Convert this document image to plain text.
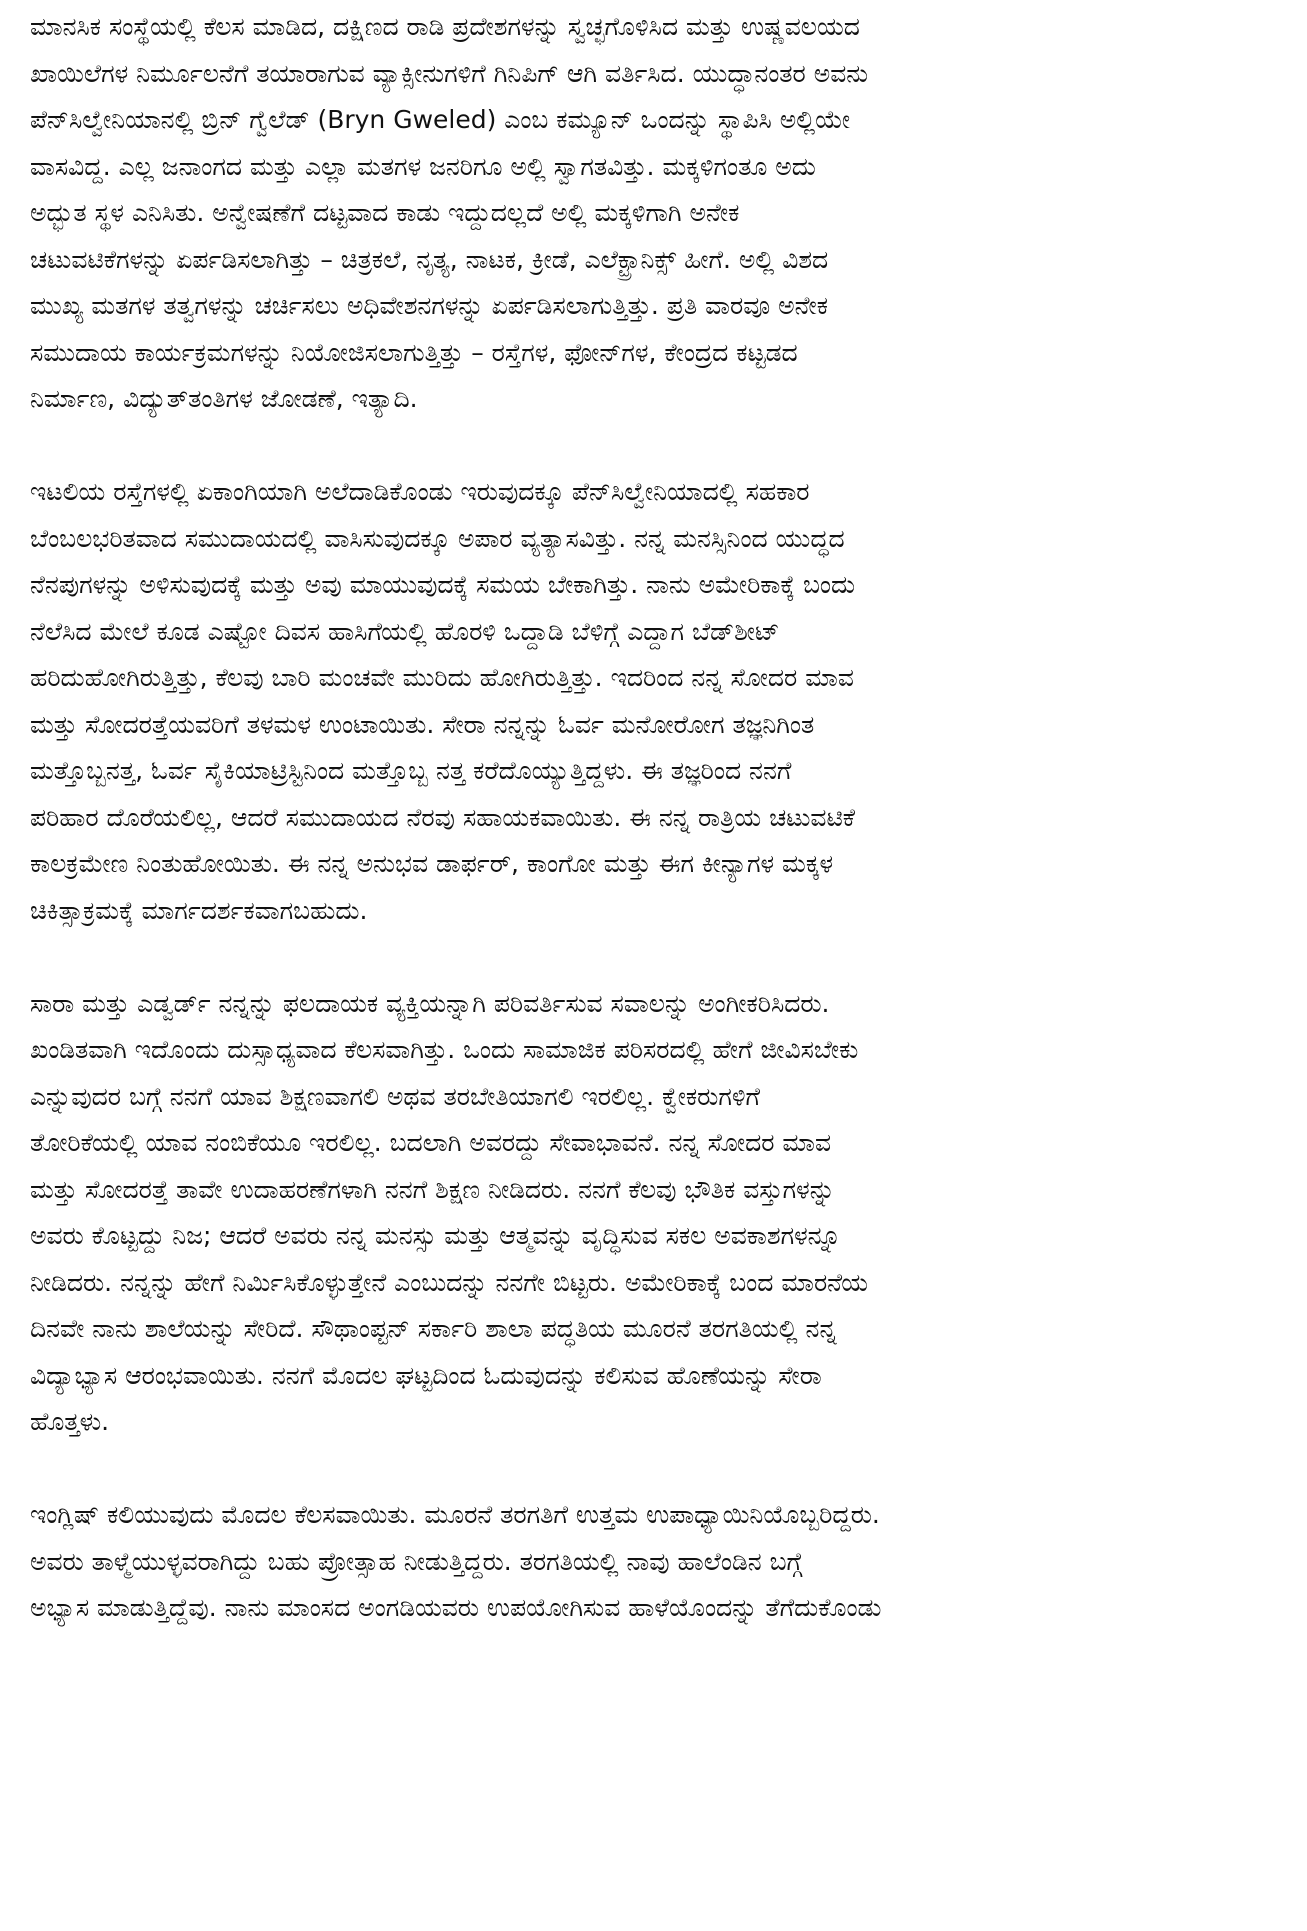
ಮಾನಸಿಕ ಸಂಸ್ಥೆಯಲ್ಲಿ ಕೆಲಸ ಮಾಡಿದ, ದಕ್ಷಿಣದ ರಾಡಿ ಪ್ರದೇಶಗಳನ್ನು ಸ್ವಚ್ಛಗೊಳಿಸಿದ ಮತ್ತು ಉಷ್ಣವಲಯದ
ಖಾಯಿಲೆಗಳ ನಿರ್ಮೂಲನೆಗೆ ತಯಾರಾಗುವ ವ್ಯಾಕ್ಸೀನುಗಳಿಗೆ ಗಿನಿಪಿಗ್ ಆಗಿ ವರ್ತಿಸಿದ. ಯುದ್ಧಾನಂತರ ಅವನು
ಪೆನ್‌ಸಿಲ್ವೇನಿಯಾನಲ್ಲಿ ಬ್ರಿನ್ ಗ್ವೆಲೆಡ್ (Bryn Gweled) ಎಂಬ ಕಮ್ಯೂನ್ ಒಂದನ್ನು ಸ್ಥಾಪಿಸಿ ಅಲ್ಲಿಯೇ
ವಾಸವಿದ್ದ. ಎಲ್ಲ ಜನಾಂಗದ ಮತ್ತು ಎಲ್ಲಾ ಮತಗಳ ಜನರಿಗೂ ಅಲ್ಲಿ ಸ್ವಾಗತವಿತ್ತು. ಮಕ್ಕಳಿಗಂತೂ ಅದು
ಅದ್ಭುತ ಸ್ಥಳ ಎನಿಸಿತು. ಅನ್ವೇಷಣೆಗೆ ದಟ್ಟವಾದ ಕಾಡು ಇದ್ದುದಲ್ಲದೆ ಅಲ್ಲಿ ಮಕ್ಕಳಿಗಾಗಿ ಅನೇಕ
ಚಟುವಟಿಕೆಗಳನ್ನು ಏರ್ಪಡಿಸಲಾಗಿತ್ತು – ಚಿತ್ರಕಲೆ, ನೃತ್ಯ, ನಾಟಕ, ಕ್ರೀಡೆ, ಎಲೆಕ್ಟ್ರಾನಿಕ್ಸ್ ಹೀಗೆ. ಅಲ್ಲಿ ವಿಶದ
ಮುಖ್ಯ ಮತಗಳ ತತ್ವಗಳನ್ನು ಚರ್ಚಿಸಲು ಅಧಿವೇಶನಗಳನ್ನು ಏರ್ಪಡಿಸಲಾಗುತ್ತಿತ್ತು. ಪ್ರತಿ ವಾರವೂ ಅನೇಕ
ಸಮುದಾಯ ಕಾರ್ಯಕ್ರಮಗಳನ್ನು ನಿಯೋಜಿಸಲಾಗುತ್ತಿತ್ತು – ರಸ್ತೆಗಳ, ಫೋನ್‌ಗಳ, ಕೇಂದ್ರದ ಕಟ್ಟಡದ
ನಿರ್ಮಾಣ, ವಿದ್ಯುತ್‌ತಂತಿಗಳ ಜೋಡಣೆ, ಇತ್ಯಾದಿ.
ಇಟಲಿಯ ರಸ್ತೆಗಳಲ್ಲಿ ಏಕಾಂಗಿಯಾಗಿ ಅಲೆದಾಡಿಕೊಂಡು ಇರುವುದಕ್ಕೂ ಪೆನ್‌ಸಿಲ್ವೇನಿಯಾದಲ್ಲಿ ಸಹಕಾರ
ಬೆಂಬಲಭರಿತವಾದ ಸಮುದಾಯದಲ್ಲಿ ವಾಸಿಸುವುದಕ್ಕೂ ಅಪಾರ ವ್ಯತ್ಯಾಸವಿತ್ತು. ನನ್ನ ಮನಸ್ಸಿನಿಂದ ಯುದ್ಧದ
ನೆನಪುಗಳನ್ನು ಅಳಿಸುವುದಕ್ಕೆ ಮತ್ತು ಅವು ಮಾಯುವುದಕ್ಕೆ ಸಮಯ ಬೇಕಾಗಿತ್ತು. ನಾನು ಅಮೇರಿಕಾಕ್ಕೆ ಬಂದು
ನೆಲೆಸಿದ ಮೇಲೆ ಕೂಡ ಎಷ್ಟೋ ದಿವಸ ಹಾಸಿಗೆಯಲ್ಲಿ ಹೊರಳಿ ಒದ್ದಾಡಿ ಬೆಳಿಗ್ಗೆ ಎದ್ದಾಗ ಬೆಡ್‌ಶೀಟ್
ಹರಿದುಹೋಗಿರುತ್ತಿತ್ತು, ಕೆಲವು ಬಾರಿ ಮಂಚವೇ ಮುರಿದು ಹೋಗಿರುತ್ತಿತ್ತು. ಇದರಿಂದ ನನ್ನ ಸೋದರ ಮಾವ
ಮತ್ತು ಸೋದರತ್ತೆಯವರಿಗೆ ತಳಮಳ ಉಂಟಾಯಿತು. ಸೇರಾ ನನ್ನನ್ನು ಓರ್ವ ಮನೋರೋಗ ತಜ್ಞನಿಗಿಂತ
ಮತ್ತೊಬ್ಬನತ್ತ, ಓರ್ವ ಸೈಕಿಯಾಟ್ರಿಸ್ಟಿನಿಂದ ಮತ್ತೊಬ್ಬ ನತ್ತ ಕರೆದೊಯ್ಯುತ್ತಿದ್ದಳು. ಈ ತಜ್ಞರಿಂದ ನನಗೆ
ಪರಿಹಾರ ದೊರೆಯಲಿಲ್ಲ, ಆದರೆ ಸಮುದಾಯದ ನೆರವು ಸಹಾಯಕವಾಯಿತು. ಈ ನನ್ನ ರಾತ್ರಿಯ ಚಟುವಟಿಕೆ
ಕಾಲಕ್ರಮೇಣ ನಿಂತುಹೋಯಿತು. ಈ ನನ್ನ ಅನುಭವ ಡಾರ್ಫರ್, ಕಾಂಗೋ ಮತ್ತು ಈಗ ಕೀನ್ಯಾಗಳ ಮಕ್ಕಳ
ಚಿಕಿತ್ಸಾಕ್ರಮಕ್ಕೆ ಮಾರ್ಗದರ್ಶಕವಾಗಬಹುದು.
ಸಾರಾ ಮತ್ತು ಎಡ್ವರ್ಡ್ ನನ್ನನ್ನು ಫಲದಾಯಕ ವ್ಯಕ್ತಿಯನ್ನಾಗಿ ಪರಿವರ್ತಿಸುವ ಸವಾಲನ್ನು ಅಂಗೀಕರಿಸಿದರು.
ಖಂಡಿತವಾಗಿ ಇದೊಂದು ದುಸ್ಸಾಧ್ಯವಾದ ಕೆಲಸವಾಗಿತ್ತು. ಒಂದು ಸಾಮಾಜಿಕ ಪರಿಸರದಲ್ಲಿ ಹೇಗೆ ಜೀವಿಸಬೇಕು
ಎನ್ನುವುದರ ಬಗ್ಗೆ ನನಗೆ ಯಾವ ಶಿಕ್ಷಣವಾಗಲಿ ಅಥವ ತರಬೇತಿಯಾಗಲಿ ಇರಲಿಲ್ಲ. ಕ್ವೇಕರುಗಳಿಗೆ
ತೋರಿಕೆಯಲ್ಲಿ ಯಾವ ನಂಬಿಕೆಯೂ ಇರಲಿಲ್ಲ. ಬದಲಾಗಿ ಅವರದ್ದು ಸೇವಾಭಾವನೆ. ನನ್ನ ಸೋದರ ಮಾವ
ಮತ್ತು ಸೋದರತ್ತೆ ತಾವೇ ಉದಾಹರಣೆಗಳಾಗಿ ನನಗೆ ಶಿಕ್ಷಣ ನೀಡಿದರು. ನನಗೆ ಕೆಲವು ಭೌತಿಕ ವಸ್ತುಗಳನ್ನು
ಅವರು ಕೊಟ್ಟದ್ದು ನಿಜ; ಆದರೆ ಅವರು ನನ್ನ ಮನಸ್ಸು ಮತ್ತು ಆತ್ಮವನ್ನು ವೃದ್ಧಿಸುವ ಸಕಲ ಅವಕಾಶಗಳನ್ನೂ
ನೀಡಿದರು. ನನ್ನನ್ನು ಹೇಗೆ ನಿರ್ಮಿಸಿಕೊಳ್ಳುತ್ತೇನೆ ಎಂಬುದನ್ನು ನನಗೇ ಬಿಟ್ಟರು. ಅಮೇರಿಕಾಕ್ಕೆ ಬಂದ ಮಾರನೆಯ
ದಿನವೇ ನಾನು ಶಾಲೆಯನ್ನು ಸೇರಿದೆ. ಸೌಥಾಂಪ್ಟನ್ ಸರ್ಕಾರಿ ಶಾಲಾ ಪದ್ಧತಿಯ ಮೂರನೆ ತರಗತಿಯಲ್ಲಿ ನನ್ನ
ವಿದ್ಯಾಭ್ಯಾಸ ಆರಂಭವಾಯಿತು. ನನಗೆ ಮೊದಲ ಘಟ್ಟದಿಂದ ಓದುವುದನ್ನು ಕಲಿಸುವ ಹೊಣೆಯನ್ನು ಸೇರಾ
ಹೊತ್ತಳು.
ಇಂಗ್ಲಿಷ್ ಕಲಿಯುವುದು ಮೊದಲ ಕೆಲಸವಾಯಿತು. ಮೂರನೆ ತರಗತಿಗೆ ಉತ್ತಮ ಉಪಾಧ್ಯಾಯಿನಿಯೊಬ್ಬರಿದ್ದರು.
ಅವರು ತಾಳ್ಮೆಯುಳ್ಳವರಾಗಿದ್ದು ಬಹು ಪ್ರೋತ್ಸಾಹ ನೀಡುತ್ತಿದ್ದರು. ತರಗತಿಯಲ್ಲಿ ನಾವು ಹಾಲೆಂಡಿನ ಬಗ್ಗೆ
ಅಭ್ಯಾಸ ಮಾಡುತ್ತಿದ್ದೆವು. ನಾನು ಮಾಂಸದ ಅಂಗಡಿಯವರು ಉಪಯೋಗಿಸುವ ಹಾಳೆಯೊಂದನ್ನು ತೆಗೆದುಕೊಂಡು
